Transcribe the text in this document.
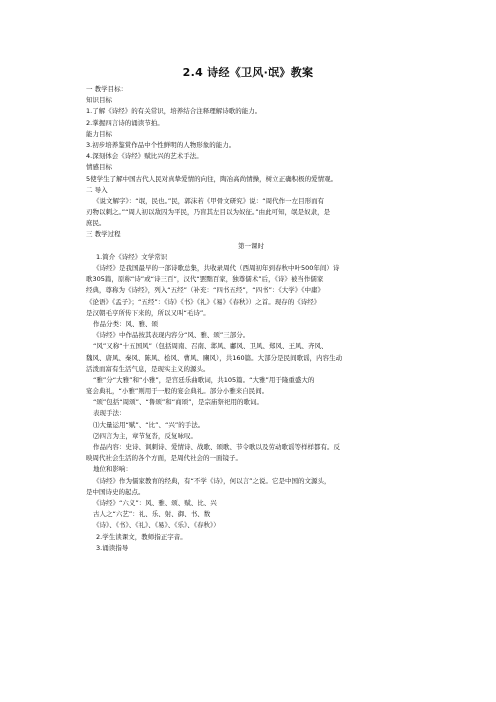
2.4 诗经《卫风·氓》教案
一 教学目标：
知识目标
1.了解《诗经》的有关常识，培养结合注释理解诗歌的能力。
2.掌握四言诗的诵读节拍。
能力目标
3.初步培养鉴赏作品中个性鲜明的人物形象的能力。
4.深刻体会《诗经》赋比兴的艺术手法。
情感目标
5使学生了解中国古代人民对真挚爱情的向往，陶冶高尚情操，树立正确积极的爱情观。
二 导入
《说文解字》：“氓，民也。”民，郭沫若《甲骨文研究》说：“周代作一左目形而有
刃物以刺之。”“周人初以敌囚为平民，乃盲其左目以为奴征。”由此可知，氓是奴隶，是
庶民。
三 教学过程
第一课时
1.简介《诗经》文学常识
《诗经》是我国最早的一部诗歌总集，共收录周代（西周初年到春秋中叶500年间）诗
歌305篇，原称“诗”或“诗三百”，汉代“罢黜百家，独尊儒术”后，《诗》被当作儒家
经典，尊称为《诗经》，列入“五经”（补充：“四书五经”，“四书”：《大学》《中庸》
《论语》《孟子》；“五经”：《诗》《书》《礼》《易》《春秋》）之首。现存的《诗经》
是汉朝毛亨所传下来的，所以又叫“毛诗”。
作品分类：风、雅、颂
《诗经》中作品按其表现内容分“风、雅、颂”三部分。
“风”又称“十五国风”（包括周南、召南、邶风、鄘风、卫风、郑风、王风、齐风、
魏风、唐风、秦风、陈风、桧风、曹风、豳风），共160篇。大部分是民间歌谣，内容生动
活泼而富有生活气息，是现实主义的源头。
“雅”分“大雅”和“小雅”，是宫廷乐曲歌词，共105篇。“大雅”用于隆重盛大的
宴会典礼，“小雅”则用于一般的宴会典礼。部分小雅来自民间。
“颂”包括“周颂”、“鲁颂”和“商颂”，是宗庙祭祀用的歌词。
表现手法：
⑴大量运用“赋”、“比”、“兴”的手法。
⑵四言为主，章节复沓，反复咏叹。
作品内容：史诗、讽刺诗、爱情诗、战歌、颂歌、节令歌以及劳动歌谣等样样都有。反
映周代社会生活的各个方面，是周代社会的一面镜子。
地位和影响：
《诗经》作为儒家教育的经典，有“不学《诗》，何以言”之说。它是中国的文源头，
是中国诗史的起点。
《诗经》“六义”：风、雅、颂、赋、比、兴
古人之“六艺”：礼、乐、射、御、书、数
《诗》、《书》、《礼》、《易》、《乐》、《春秋》）
2.学生读课文，教师指正字音。
3.诵读指导
